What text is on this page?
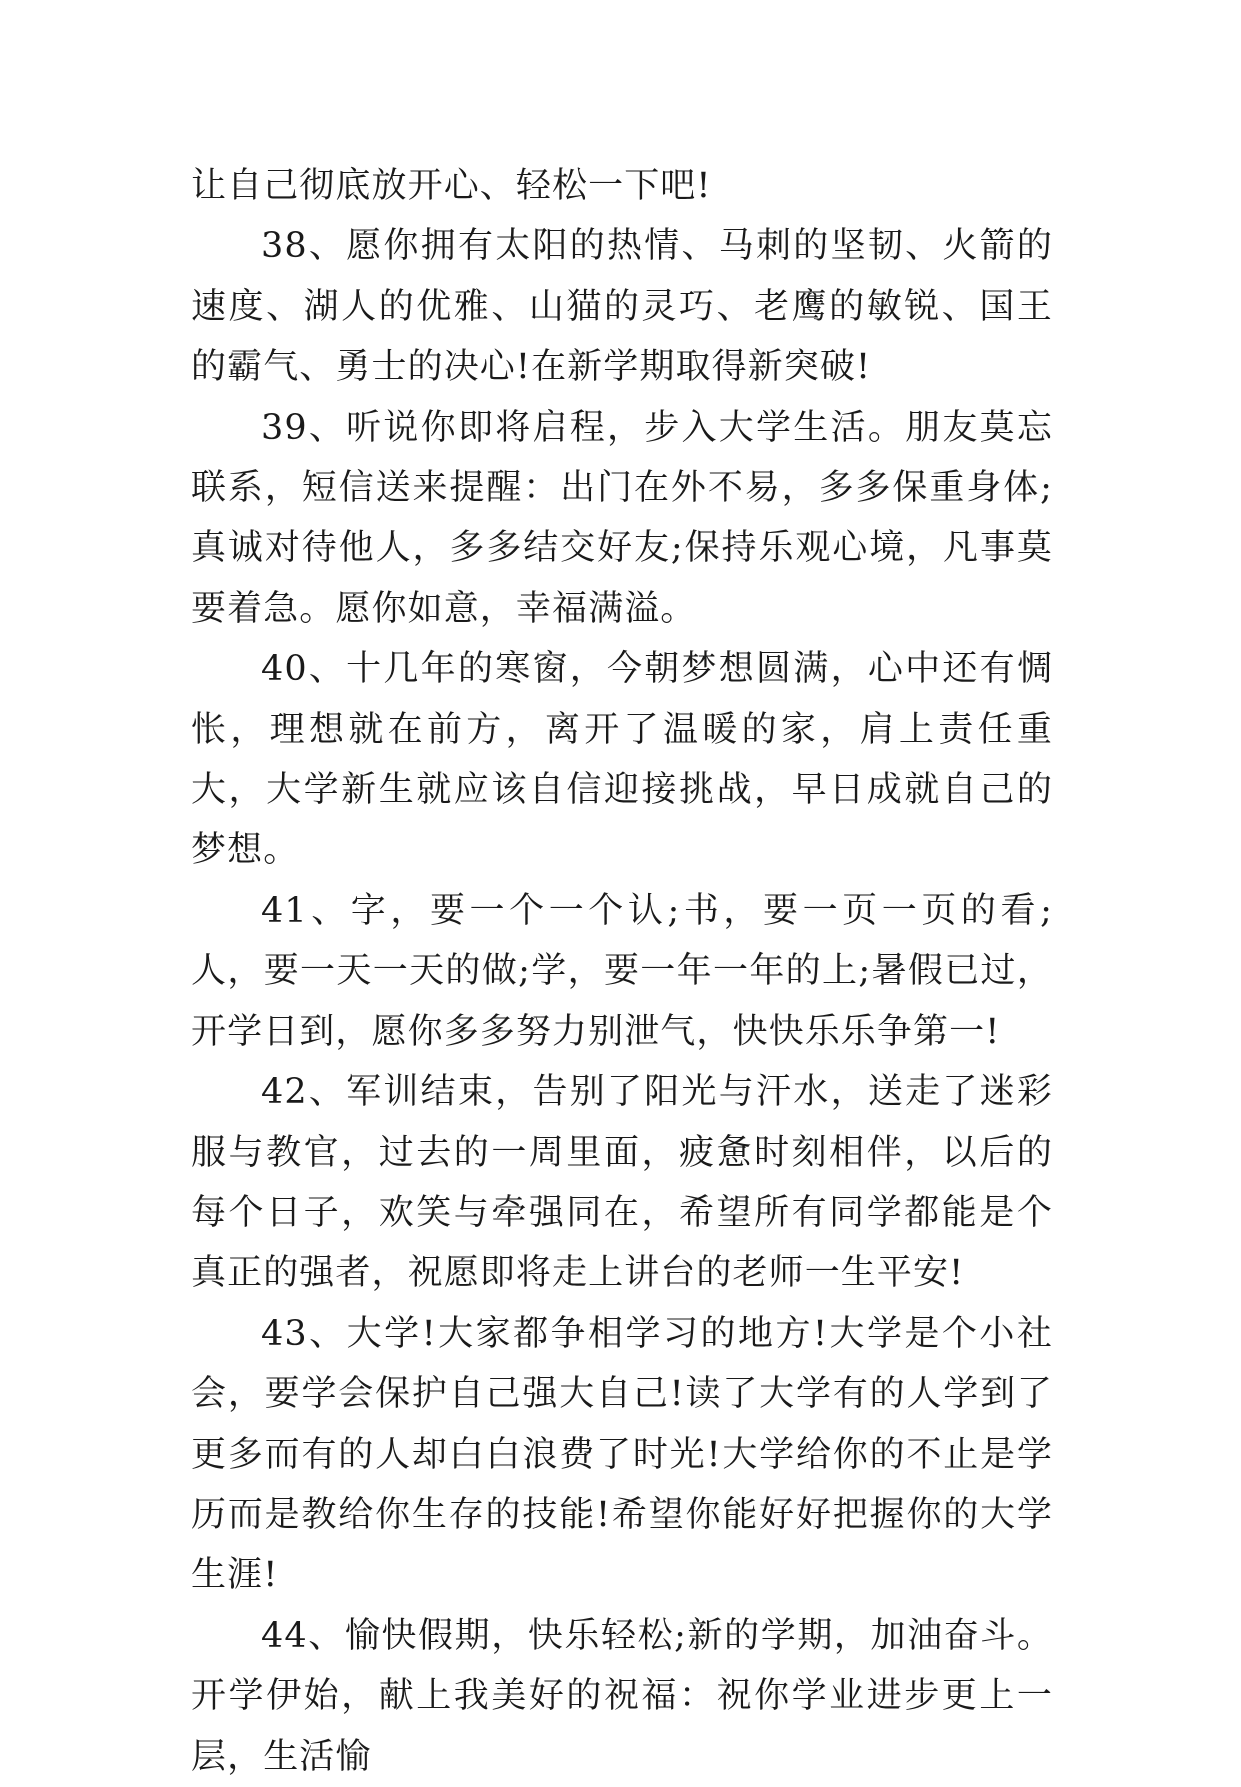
让自己彻底放开心、轻松一下吧!

38、愿你拥有太阳的热情、马刺的坚韧、火箭的速度、湖人的优雅、山猫的灵巧、老鹰的敏锐、国王的霸气、勇士的决心!在新学期取得新突破!

39、听说你即将启程，步入大学生活。朋友莫忘联系，短信送来提醒：出门在外不易，多多保重身体;真诚对待他人，多多结交好友;保持乐观心境，凡事莫要着急。愿你如意，幸福满溢。

40、十几年的寒窗，今朝梦想圆满，心中还有惆怅，理想就在前方，离开了温暖的家，肩上责任重大，大学新生就应该自信迎接挑战，早日成就自己的梦想。

41、字，要一个一个认;书，要一页一页的看;人，要一天一天的做;学，要一年一年的上;暑假已过，开学日到，愿你多多努力别泄气，快快乐乐争第一!

42、军训结束，告别了阳光与汗水，送走了迷彩服与教官，过去的一周里面，疲惫时刻相伴，以后的每个日子，欢笑与牵强同在，希望所有同学都能是个真正的强者，祝愿即将走上讲台的老师一生平安!

43、大学!大家都争相学习的地方!大学是个小社会，要学会保护自己强大自己!读了大学有的人学到了更多而有的人却白白浪费了时光!大学给你的不止是学历而是教给你生存的技能!希望你能好好把握你的大学生涯!

44、愉快假期，快乐轻松;新的学期，加油奋斗。开学伊始，献上我美好的祝福：祝你学业进步更上一层，生活愉
